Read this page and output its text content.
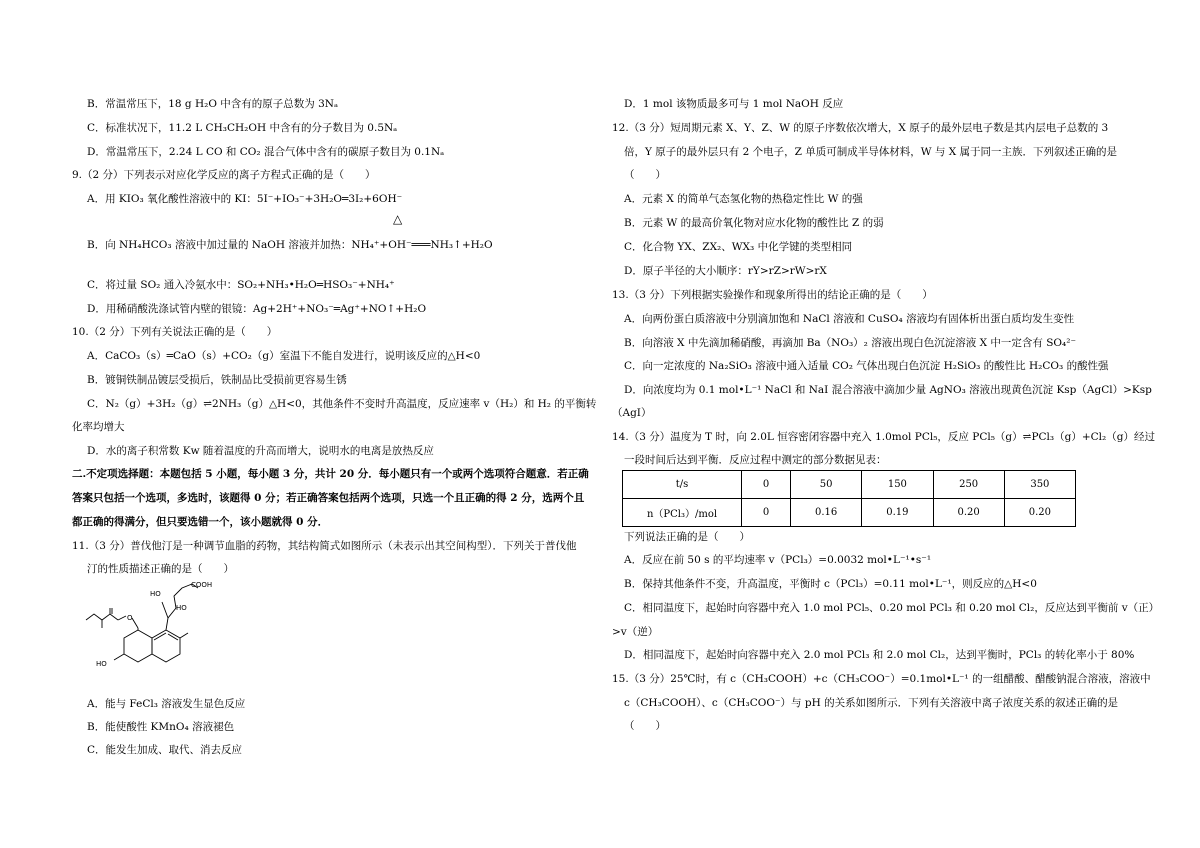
B．常温常压下，18 g H₂O 中含有的原子总数为 3Nₐ
C．标准状况下，11.2 L CH₃CH₂OH 中含有的分子数目为 0.5Nₐ
D．常温常压下，2.24 L CO 和 CO₂ 混合气体中含有的碳原子数目为 0.1Nₐ
9.（2 分）下列表示对应化学反应的离子方程式正确的是（　　）
A．用 KIO₃ 氧化酸性溶液中的 KI：5I⁻+IO₃⁻+3H₂O═3I₂+6OH⁻
△
B．向 NH₄HCO₃ 溶液中加过量的 NaOH 溶液并加热：NH₄⁺+OH⁻═══NH₃↑+H₂O
C．将过量 SO₂ 通入冷氨水中：SO₂+NH₃•H₂O═HSO₃⁻+NH₄⁺
D．用稀硝酸洗涤试管内壁的银镜：Ag+2H⁺+NO₃⁻═Ag⁺+NO↑+H₂O
10.（2 分）下列有关说法正确的是（　　）
A．CaCO₃（s）═CaO（s）+CO₂（g）室温下不能自发进行，说明该反应的△H<0
B．镀铜铁制品镀层受损后，铁制品比受损前更容易生锈
C．N₂（g）+3H₂（g）⇌2NH₃（g）△H<0，其他条件不变时升高温度，反应速率 v（H₂）和 H₂ 的平衡转
化率均增大
D．水的离子积常数 Kw 随着温度的升高而增大，说明水的电离是放热反应
二.不定项选择题：本题包括 5 小题，每小题 3 分，共计 20 分．每小题只有一个或两个选项符合题意．若正确
答案只包括一个选项，多选时，该题得 0 分；若正确答案包括两个选项，只选一个且正确的得 2 分，选两个且
都正确的得满分，但只要选错一个，该小题就得 0 分．
11.（3 分）普伐他汀是一种调节血脂的药物，其结构简式如图所示（未表示出其空间构型）．下列关于普伐他
汀的性质描述正确的是（　　）
COOH
HO
HO
HO
O
A．能与 FeCl₃ 溶液发生显色反应
B．能使酸性 KMnO₄ 溶液褪色
C．能发生加成、取代、消去反应
D．1 mol 该物质最多可与 1 mol NaOH 反应
12.（3 分）短周期元素 X、Y、Z、W 的原子序数依次增大，X 原子的最外层电子数是其内层电子总数的 3
倍，Y 原子的最外层只有 2 个电子，Z 单质可制成半导体材料，W 与 X 属于同一主族．下列叙述正确的是
（　　）
A．元素 X 的简单气态氢化物的热稳定性比 W 的强
B．元素 W 的最高价氧化物对应水化物的酸性比 Z 的弱
C．化合物 YX、ZX₂、WX₃ 中化学键的类型相同
D．原子半径的大小顺序：rY>rZ>rW>rX
13.（3 分）下列根据实验操作和现象所得出的结论正确的是（　　）
A．向两份蛋白质溶液中分别滴加饱和 NaCl 溶液和 CuSO₄ 溶液均有固体析出蛋白质均发生变性
B．向溶液 X 中先滴加稀硝酸，再滴加 Ba（NO₃）₂ 溶液出现白色沉淀溶液 X 中一定含有 SO₄²⁻
C．向一定浓度的 Na₂SiO₃ 溶液中通入适量 CO₂ 气体出现白色沉淀 H₂SiO₃ 的酸性比 H₂CO₃ 的酸性强
D．向浓度均为 0.1 mol•L⁻¹ NaCl 和 NaI 混合溶液中滴加少量 AgNO₃ 溶液出现黄色沉淀 Ksp（AgCl）>Ksp
（AgI）
14.（3 分）温度为 T 时，向 2.0L 恒容密闭容器中充入 1.0mol PCl₅，反应 PCl₅（g）⇌PCl₃（g）+Cl₂（g）经过
一段时间后达到平衡．反应过程中测定的部分数据见表：
t/s	0	50	150	250	350
n（PCl₃）/mol	0	0.16	0.19	0.20	0.20
下列说法正确的是（　　）
A．反应在前 50 s 的平均速率 v（PCl₃）=0.0032 mol•L⁻¹•s⁻¹
B．保持其他条件不变，升高温度，平衡时 c（PCl₃）=0.11 mol•L⁻¹，则反应的△H<0
C．相同温度下，起始时向容器中充入 1.0 mol PCl₅、0.20 mol PCl₃ 和 0.20 mol Cl₂，反应达到平衡前 v（正）
>v（逆）
D．相同温度下，起始时向容器中充入 2.0 mol PCl₃ 和 2.0 mol Cl₂，达到平衡时，PCl₃ 的转化率小于 80%
15.（3 分）25℃时，有 c（CH₃COOH）+c（CH₃COO⁻）=0.1mol•L⁻¹ 的一组醋酸、醋酸钠混合溶液，溶液中
c（CH₃COOH）、c（CH₃COO⁻）与 pH 的关系如图所示．下列有关溶液中离子浓度关系的叙述正确的是
（　　）
